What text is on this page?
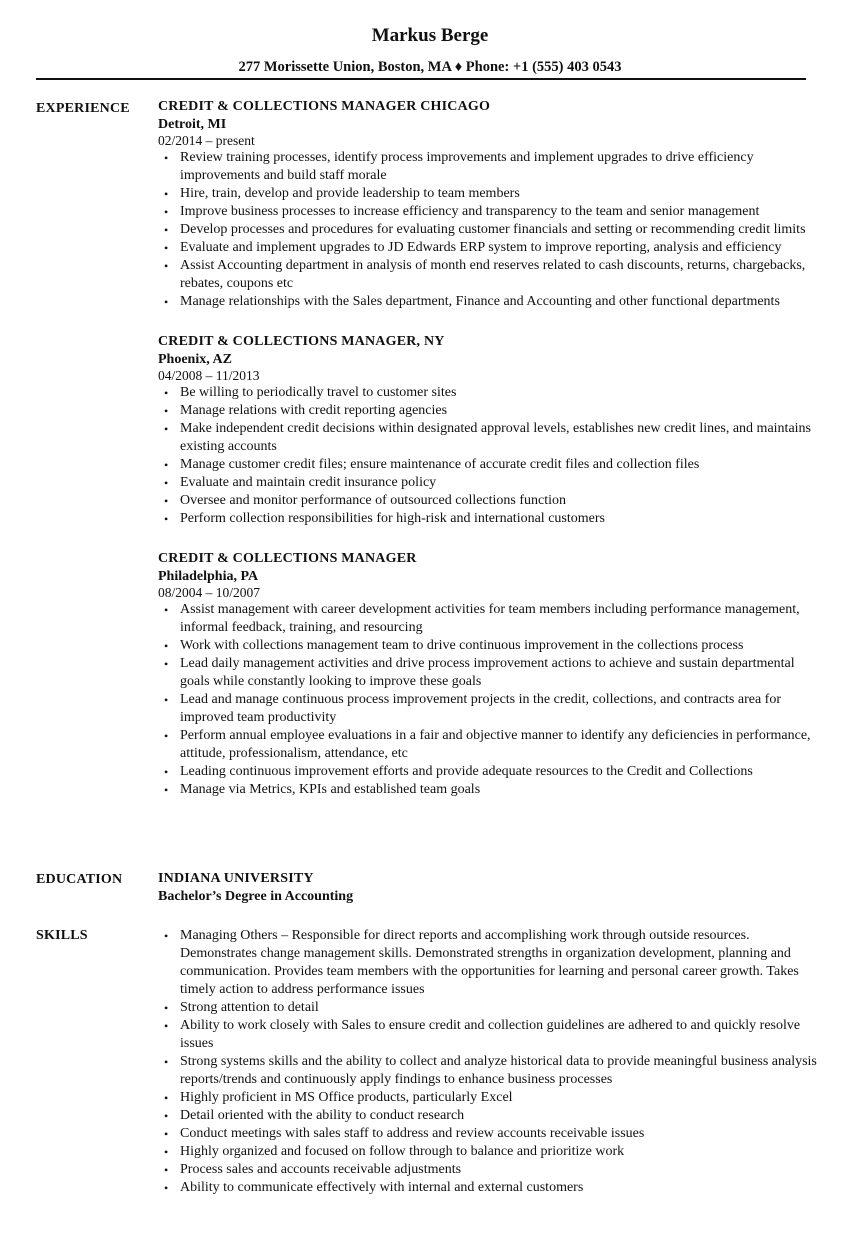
Markus Berge
277 Morissette Union, Boston, MA ♦ Phone: +1 (555) 403 0543
EXPERIENCE	CREDIT & COLLECTIONS MANAGER CHICAGO
Detroit, MI
02/2014 – present
• Review training processes, identify process improvements and implement upgrades to drive efficiency improvements and build staff morale
• Hire, train, develop and provide leadership to team members
• Improve business processes to increase efficiency and transparency to the team and senior management
• Develop processes and procedures for evaluating customer financials and setting or recommending credit limits
• Evaluate and implement upgrades to JD Edwards ERP system to improve reporting, analysis and efficiency
• Assist Accounting department in analysis of month end reserves related to cash discounts, returns, chargebacks, rebates, coupons etc
• Manage relationships with the Sales department, Finance and Accounting and other functional departments
CREDIT & COLLECTIONS MANAGER, NY
Phoenix, AZ
04/2008 – 11/2013
• Be willing to periodically travel to customer sites
• Manage relations with credit reporting agencies
• Make independent credit decisions within designated approval levels, establishes new credit lines, and maintains existing accounts
• Manage customer credit files; ensure maintenance of accurate credit files and collection files
• Evaluate and maintain credit insurance policy
• Oversee and monitor performance of outsourced collections function
• Perform collection responsibilities for high-risk and international customers
CREDIT & COLLECTIONS MANAGER
Philadelphia, PA
08/2004 – 10/2007
• Assist management with career development activities for team members including performance management, informal feedback, training, and resourcing
• Work with collections management team to drive continuous improvement in the collections process
• Lead daily management activities and drive process improvement actions to achieve and sustain departmental goals while constantly looking to improve these goals
• Lead and manage continuous process improvement projects in the credit, collections, and contracts area for improved team productivity
• Perform annual employee evaluations in a fair and objective manner to identify any deficiencies in performance, attitude, professionalism, attendance, etc
• Leading continuous improvement efforts and provide adequate resources to the Credit and Collections
• Manage via Metrics, KPIs and established team goals
EDUCATION	INDIANA UNIVERSITY
Bachelor’s Degree in Accounting
SKILLS	• Managing Others – Responsible for direct reports and accomplishing work through outside resources. Demonstrates change management skills. Demonstrated strengths in organization development, planning and communication. Provides team members with the opportunities for learning and personal career growth. Takes timely action to address performance issues
• Strong attention to detail
• Ability to work closely with Sales to ensure credit and collection guidelines are adhered to and quickly resolve issues
• Strong systems skills and the ability to collect and analyze historical data to provide meaningful business analysis reports/trends and continuously apply findings to enhance business processes
• Highly proficient in MS Office products, particularly Excel
• Detail oriented with the ability to conduct research
• Conduct meetings with sales staff to address and review accounts receivable issues
• Highly organized and focused on follow through to balance and prioritize work
• Process sales and accounts receivable adjustments
• Ability to communicate effectively with internal and external customers
